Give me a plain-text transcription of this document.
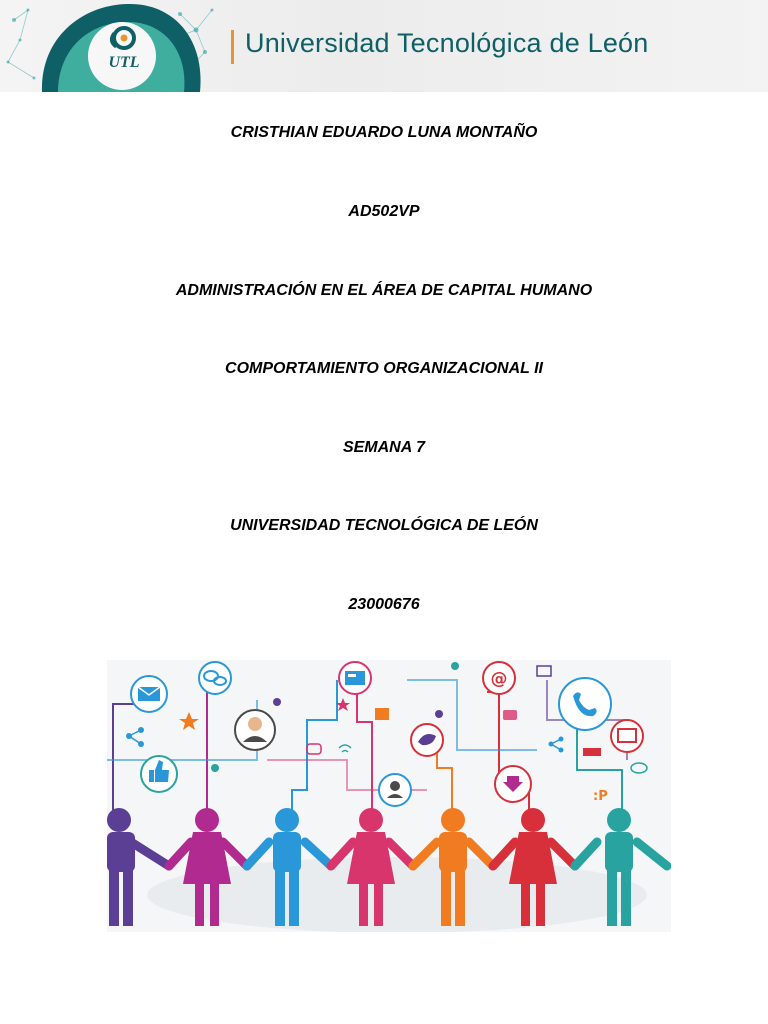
UTL
Universidad Tecnológica de León
CRISTHIAN EDUARDO LUNA MONTAÑO
AD502VP
ADMINISTRACIÓN EN EL ÁREA DE CAPITAL HUMANO
COMPORTAMIENTO ORGANIZACIONAL II
SEMANA 7
UNIVERSIDAD TECNOLÓGICA DE LEÓN
23000676
@
:P
